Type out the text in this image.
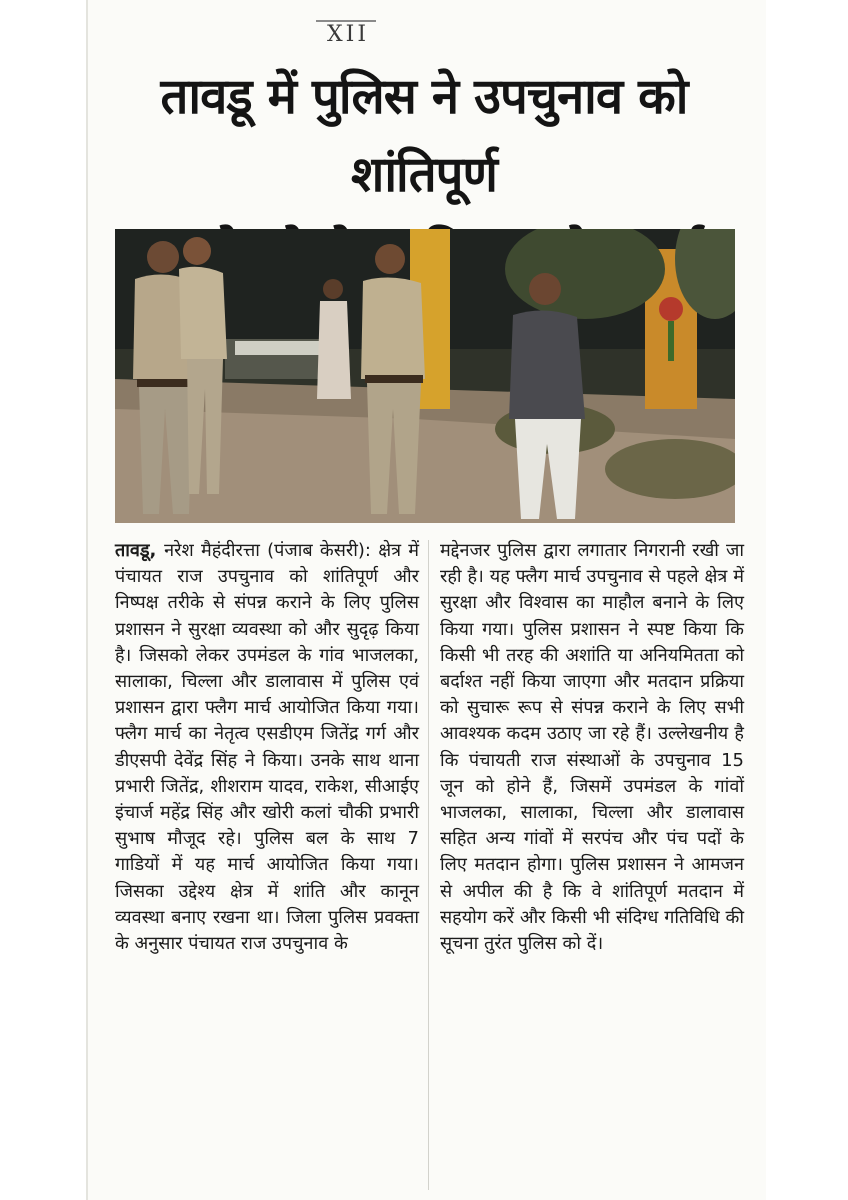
XII
तावडू में पुलिस ने उपचुनाव को शांतिपूर्ण
तावडू, नरेश मैहंदीरत्ता (पंजाब केसरी): क्षेत्र में पंचायत राज उपचुनाव को शांतिपूर्ण और निष्पक्ष तरीके से संपन्न कराने के लिए पुलिस प्रशासन ने सुरक्षा व्यवस्था को और सुदृढ़ किया है। जिसको लेकर उपमंडल के गांव भाजलका, सालाका, चिल्ला और डालावास में पुलिस एवं प्रशासन द्वारा फ्लैग मार्च आयोजित किया गया। फ्लैग मार्च का नेतृत्व एसडीएम जितेंद्र गर्ग और डीएसपी देवेंद्र सिंह ने किया। उनके साथ थाना प्रभारी जितेंद्र, शीशराम यादव, राकेश, सीआईए इंचार्ज महेंद्र सिंह और खोरी कलां चौकी प्रभारी सुभाष मौजूद रहे। पुलिस बल के साथ 7 गाडियों में यह मार्च आयोजित किया गया। जिसका उद्देश्य क्षेत्र में शांति और कानून व्यवस्था बनाए रखना था। जिला पुलिस प्रवक्ता के अनुसार पंचायत राज उपचुनाव के
मद्देनजर पुलिस द्वारा लगातार निगरानी रखी जा रही है। यह फ्लैग मार्च उपचुनाव से पहले क्षेत्र में सुरक्षा और विश्वास का माहौल बनाने के लिए किया गया। पुलिस प्रशासन ने स्पष्ट किया कि किसी भी तरह की अशांति या अनियमितता को बर्दाश्त नहीं किया जाएगा और मतदान प्रक्रिया को सुचारू रूप से संपन्न कराने के लिए सभी आवश्यक कदम उठाए जा रहे हैं। उल्लेखनीय है कि पंचायती राज संस्थाओं के उपचुनाव 15 जून को होने हैं, जिसमें उपमंडल के गांवों भाजलका, सालाका, चिल्ला और डालावास सहित अन्य गांवों में सरपंच और पंच पदों के लिए मतदान होगा। पुलिस प्रशासन ने आमजन से अपील की है कि वे शांतिपूर्ण मतदान में सहयोग करें और किसी भी संदिग्ध गतिविधि की सूचना तुरंत पुलिस को दें।
